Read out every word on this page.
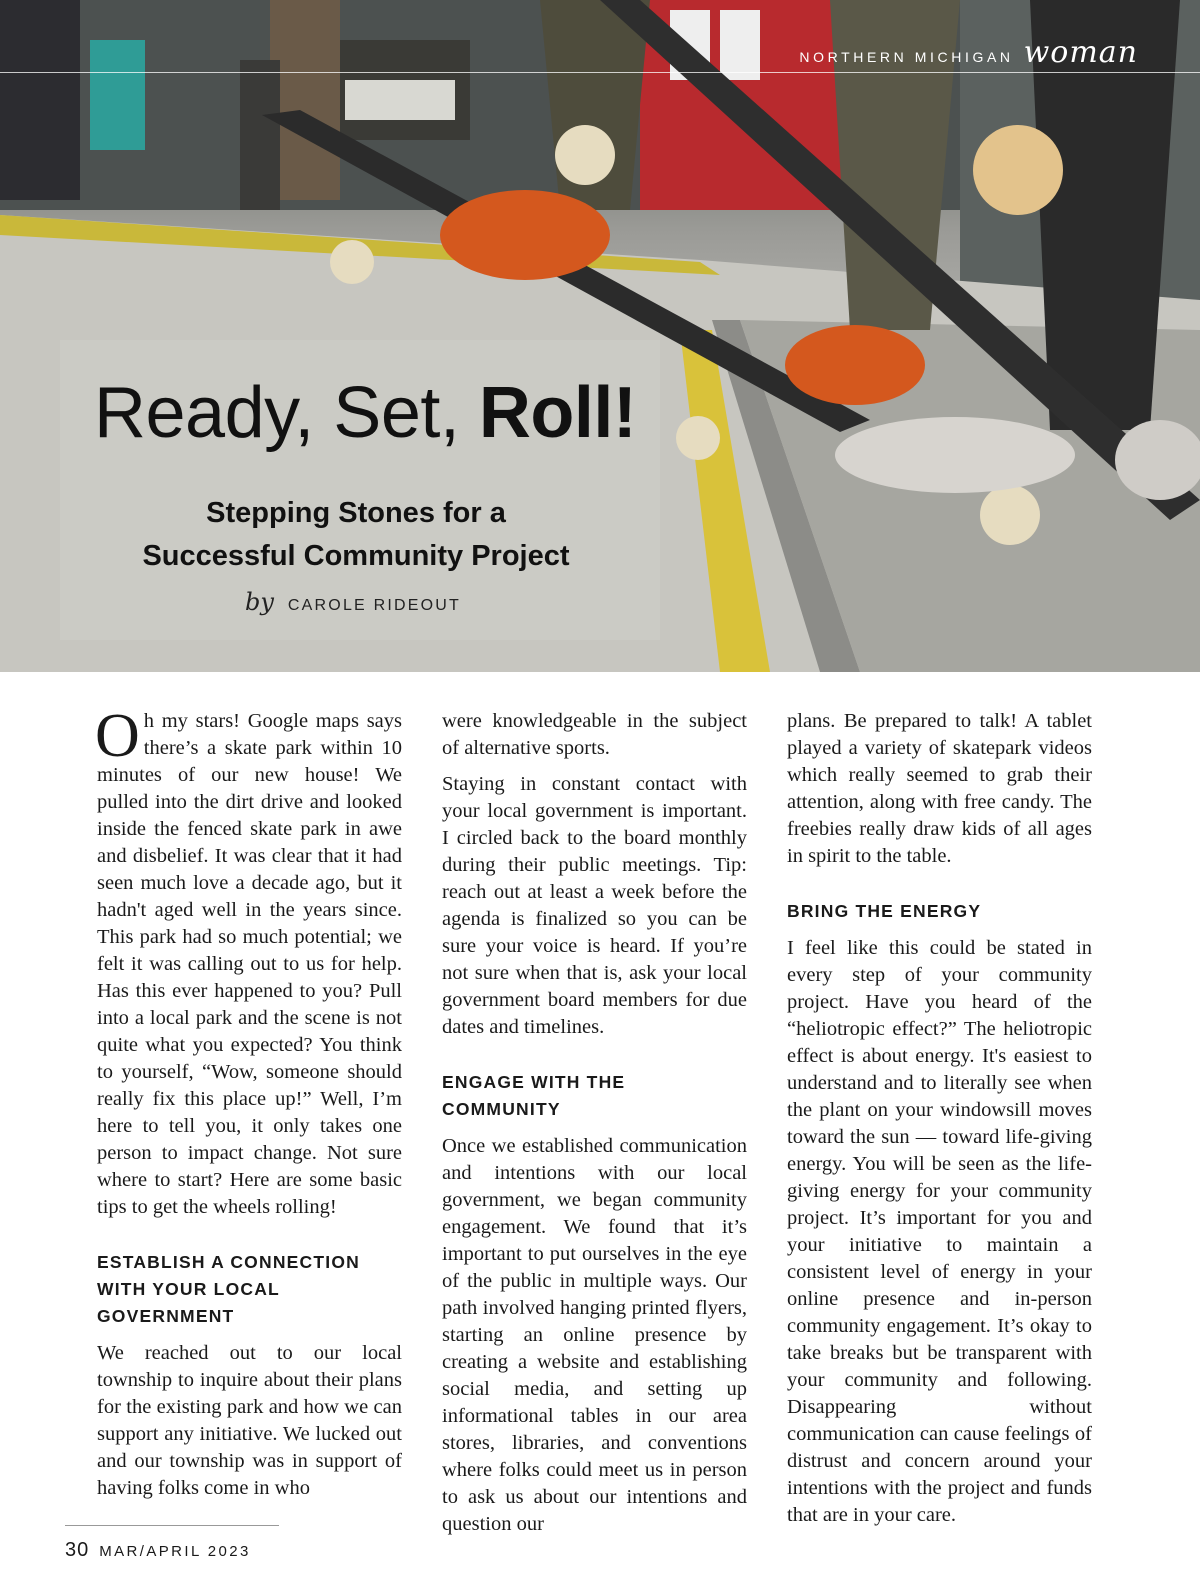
NORTHERN MICHIGAN woman
Ready, Set, Roll!
Stepping Stones for a
Successful Community Project
by CAROLE RIDEOUT

Oh my stars! Google maps says there’s a skate park within 10 minutes of our new house! We pulled into the dirt drive and looked inside the fenced skate park in awe and disbelief. It was clear that it had seen much love a decade ago, but it hadn't aged well in the years since. This park had so much potential; we felt it was calling out to us for help. Has this ever happened to you? Pull into a local park and the scene is not quite what you expected? You think to yourself, “Wow, someone should really fix this place up!” Well, I’m here to tell you, it only takes one person to impact change. Not sure where to start? Here are some basic tips to get the wheels rolling!

ESTABLISH A CONNECTION WITH YOUR LOCAL GOVERNMENT

We reached out to our local township to inquire about their plans for the existing park and how we can support any initiative. We lucked out and our township was in support of having folks come in who

were knowledgeable in the subject of alternative sports.

Staying in constant contact with your local government is important. I circled back to the board monthly during their public meetings. Tip: reach out at least a week before the agenda is finalized so you can be sure your voice is heard. If you’re not sure when that is, ask your local government board members for due dates and timelines.

ENGAGE WITH THE COMMUNITY

Once we established communication and intentions with our local government, we began community engagement. We found that it’s important to put ourselves in the eye of the public in multiple ways. Our path involved hanging printed flyers, starting an online presence by creating a website and establishing social media, and setting up informational tables in our area stores, libraries, and conventions where folks could meet us in person to ask us about our intentions and question our

plans. Be prepared to talk! A tablet played a variety of skatepark videos which really seemed to grab their attention, along with free candy. The freebies really draw kids of all ages in spirit to the table.

BRING THE ENERGY

I feel like this could be stated in every step of your community project. Have you heard of the “heliotropic effect?” The heliotropic effect is about energy. It's easiest to understand and to literally see when the plant on your windowsill moves toward the sun — toward life-giving energy. You will be seen as the life-giving energy for your community project. It’s important for you and your initiative to maintain a consistent level of energy in your online presence and in-person community engagement. It’s okay to take breaks but be transparent with your community and following. Disappearing without communication can cause feelings of distrust and concern around your intentions with the project and funds that are in your care.

30 MAR/APRIL 2023
